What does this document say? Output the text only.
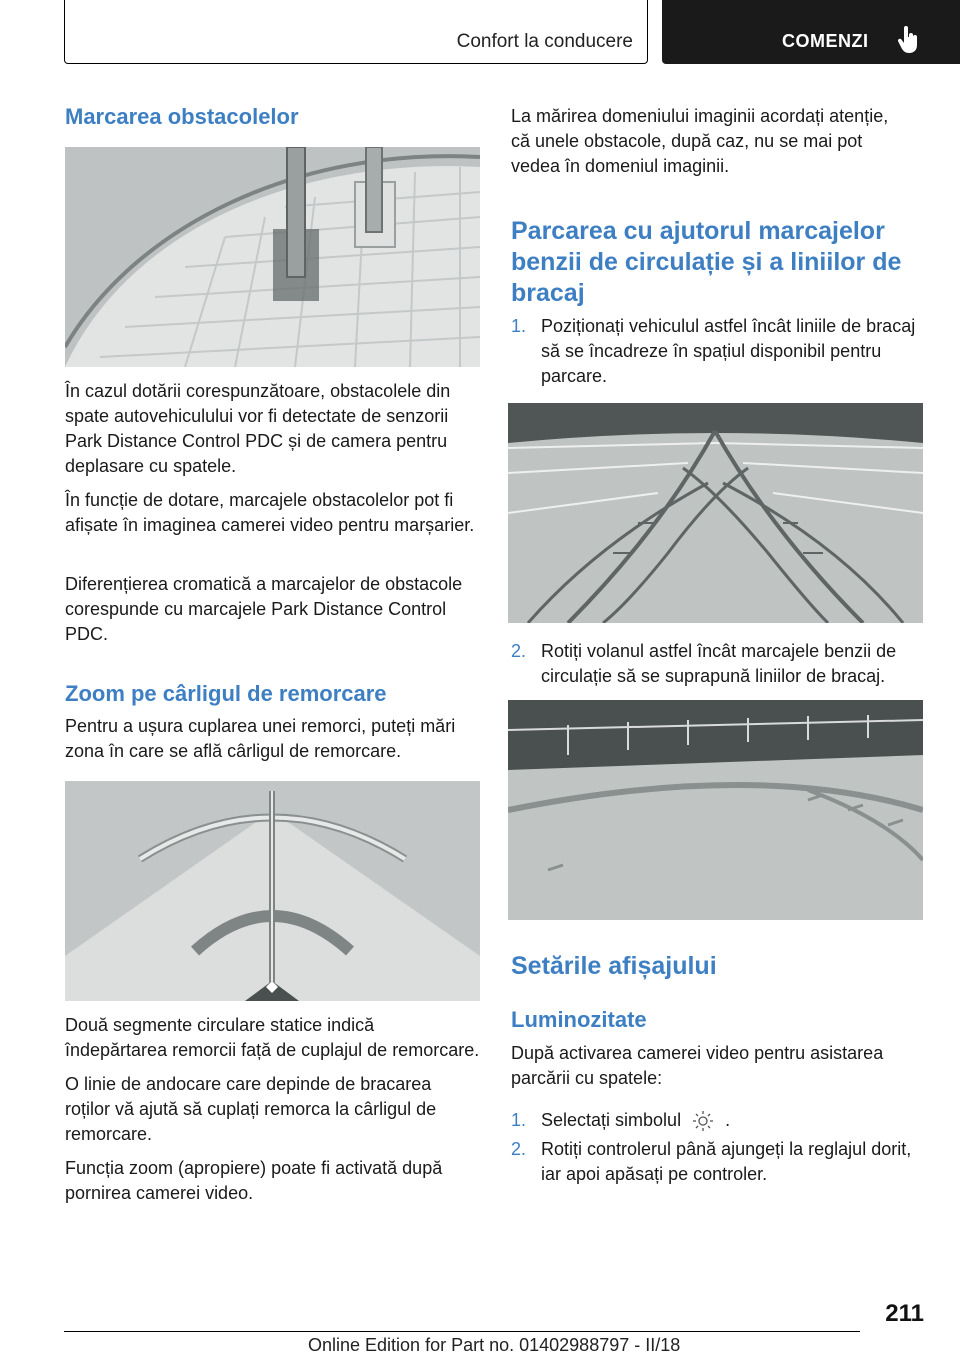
Confort la conducere	COMENZI
Marcarea obstacolelor

În cazul dotării corespunzătoare, obstacolele din spate autovehiculului vor fi detectate de senzorii Park Distance Control PDC și de camera pentru deplasare cu spatele.

În funcție de dotare, marcajele obstacolelor pot fi afișate în imaginea camerei video pentru marșarier.

Diferențierea cromatică a marcajelor de obstacole corespunde cu marcajele Park Distance Control PDC.

Zoom pe cârligul de remorcare

Pentru a ușura cuplarea unei remorci, puteți mări zona în care se află cârligul de remorcare.

Două segmente circulare statice indică îndepărtarea remorcii față de cuplajul de remorcare.

O linie de andocare care depinde de bracarea roților vă ajută să cuplați remorca la cârligul de remorcare.

Funcția zoom (apropiere) poate fi activată după pornirea camerei video.

La mărirea domeniului imaginii acordați atenție, că unele obstacole, după caz, nu se mai pot vedea în domeniul imaginii.

Parcarea cu ajutorul marcajelor benzii de circulație și a liniilor de bracaj
1. Poziționați vehiculul astfel încât liniile de bracaj să se încadreze în spațiul disponibil pentru parcare.
2. Rotiți volanul astfel încât marcajele benzii de circulație să se suprapună liniilor de bracaj.
Setările afișajului
Luminozitate

După activarea camerei video pentru asistarea parcării cu spatele:

1. Selectați simbolul .
2. Rotiți controlerul până ajungeți la reglajul dorit, iar apoi apăsați pe controler.
211
Online Edition for Part no. 01402988797 - II/18
